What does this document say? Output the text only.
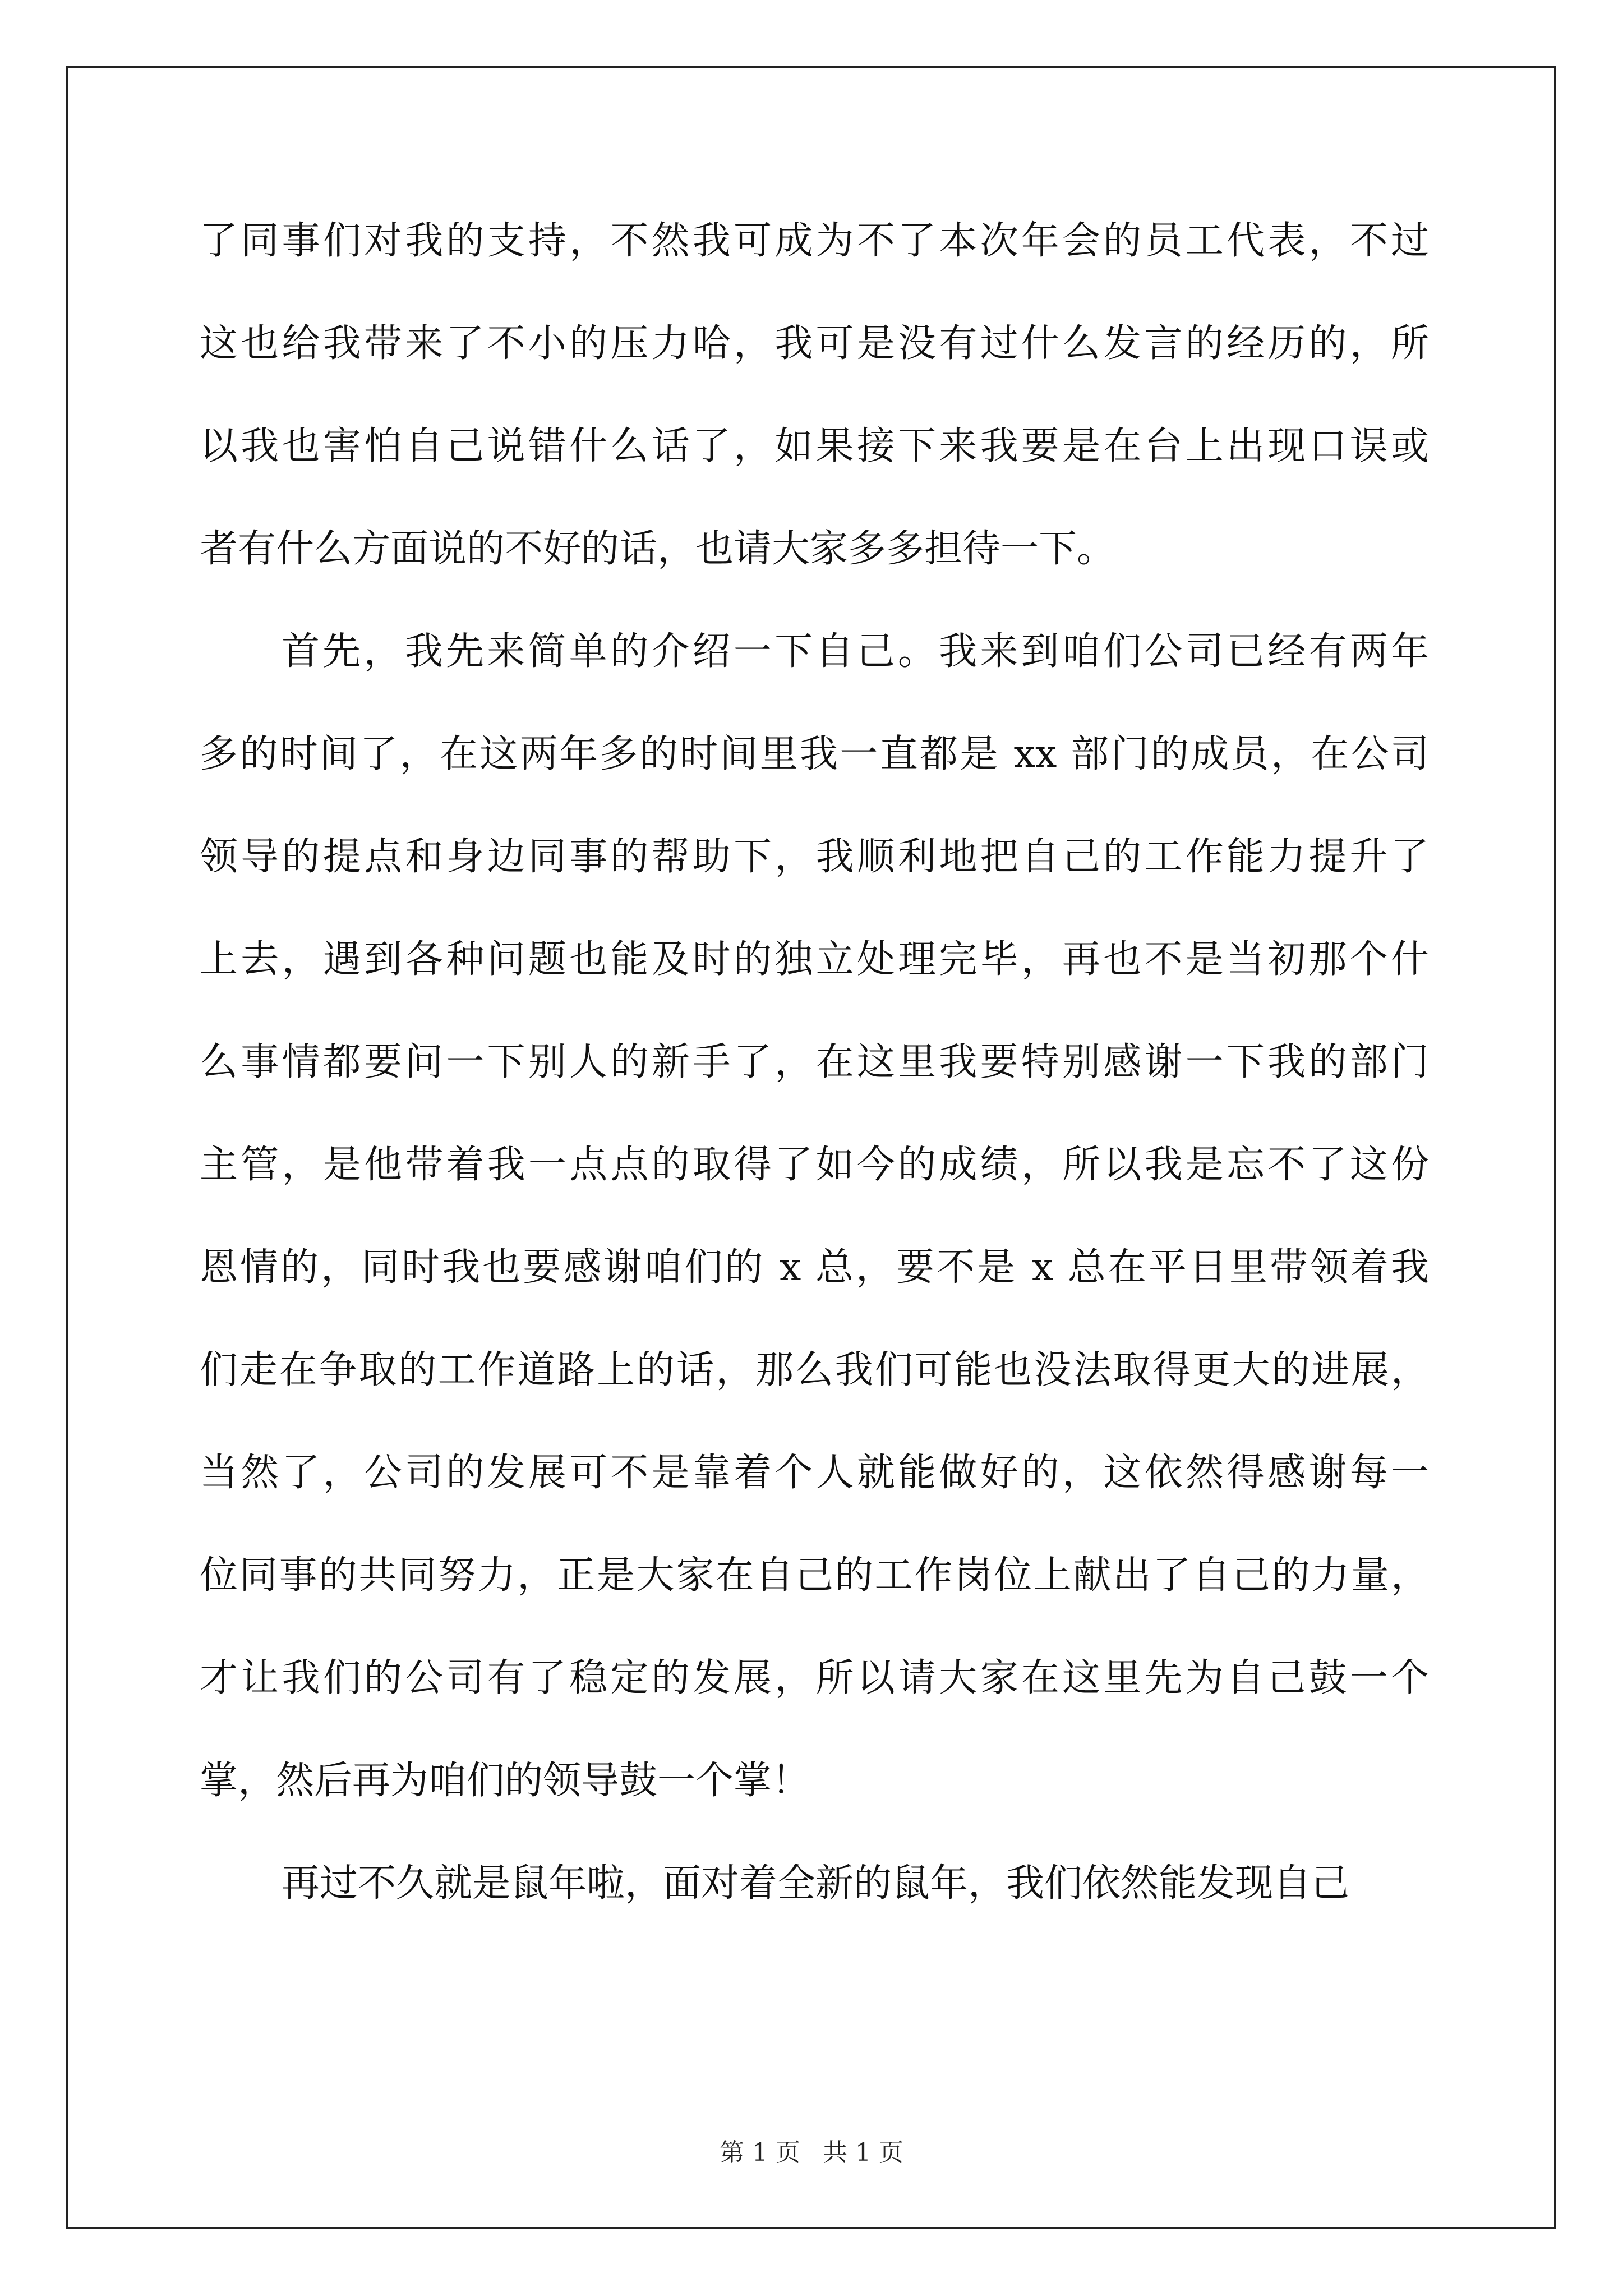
了同事们对我的支持，不然我可成为不了本次年会的员工代表，不过
这也给我带来了不小的压力哈，我可是没有过什么发言的经历的，所
以我也害怕自己说错什么话了，如果接下来我要是在台上出现口误或
者有什么方面说的不好的话，也请大家多多担待一下。
首先，我先来简单的介绍一下自己。我来到咱们公司已经有两年
多的时间了，在这两年多的时间里我一直都是 xx 部门的成员，在公司
领导的提点和身边同事的帮助下，我顺利地把自己的工作能力提升了
上去，遇到各种问题也能及时的独立处理完毕，再也不是当初那个什
么事情都要问一下别人的新手了，在这里我要特别感谢一下我的部门
主管，是他带着我一点点的取得了如今的成绩，所以我是忘不了这份
恩情的，同时我也要感谢咱们的 x 总，要不是 x 总在平日里带领着我
们走在争取的工作道路上的话，那么我们可能也没法取得更大的进展，
当然了，公司的发展可不是靠着个人就能做好的，这依然得感谢每一
位同事的共同努力，正是大家在自己的工作岗位上献出了自己的力量，
才让我们的公司有了稳定的发展，所以请大家在这里先为自己鼓一个
掌，然后再为咱们的领导鼓一个掌！
再过不久就是鼠年啦，面对着全新的鼠年，我们依然能发现自己
第 1 页 共 1 页
